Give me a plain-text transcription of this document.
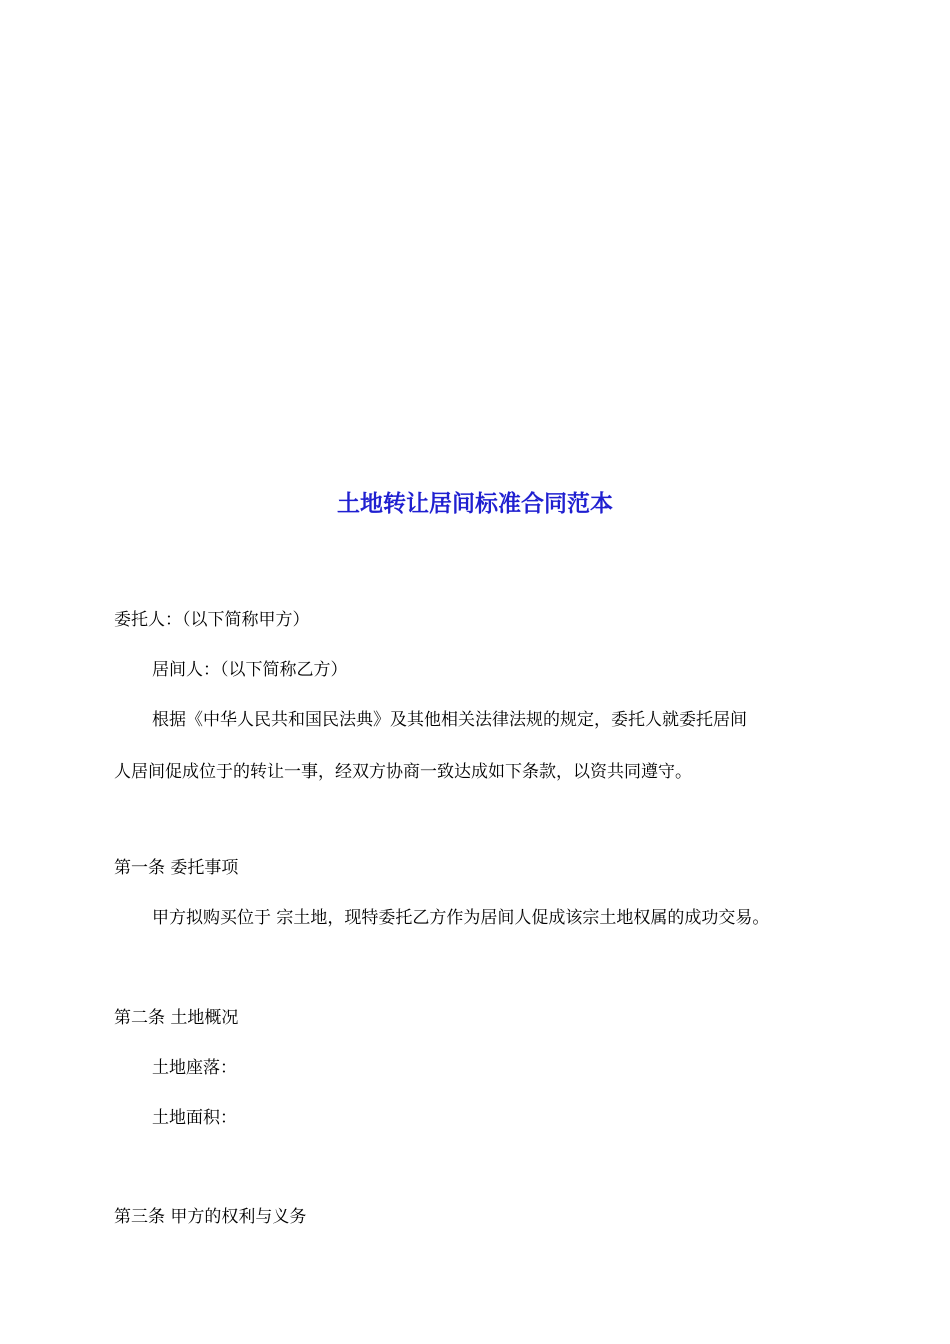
土地转让居间标准合同范本
委托人：（以下简称甲方）
居间人：（以下简称乙方）
根据《中华人民共和国民法典》及其他相关法律法规的规定，委托人就委托居间
人居间促成位于的转让一事，经双方协商一致达成如下条款，以资共同遵守。
第一条 委托事项
甲方拟购买位于 宗土地，现特委托乙方作为居间人促成该宗土地权属的成功交易。
第二条 土地概况
土地座落：
土地面积：
第三条 甲方的权利与义务
